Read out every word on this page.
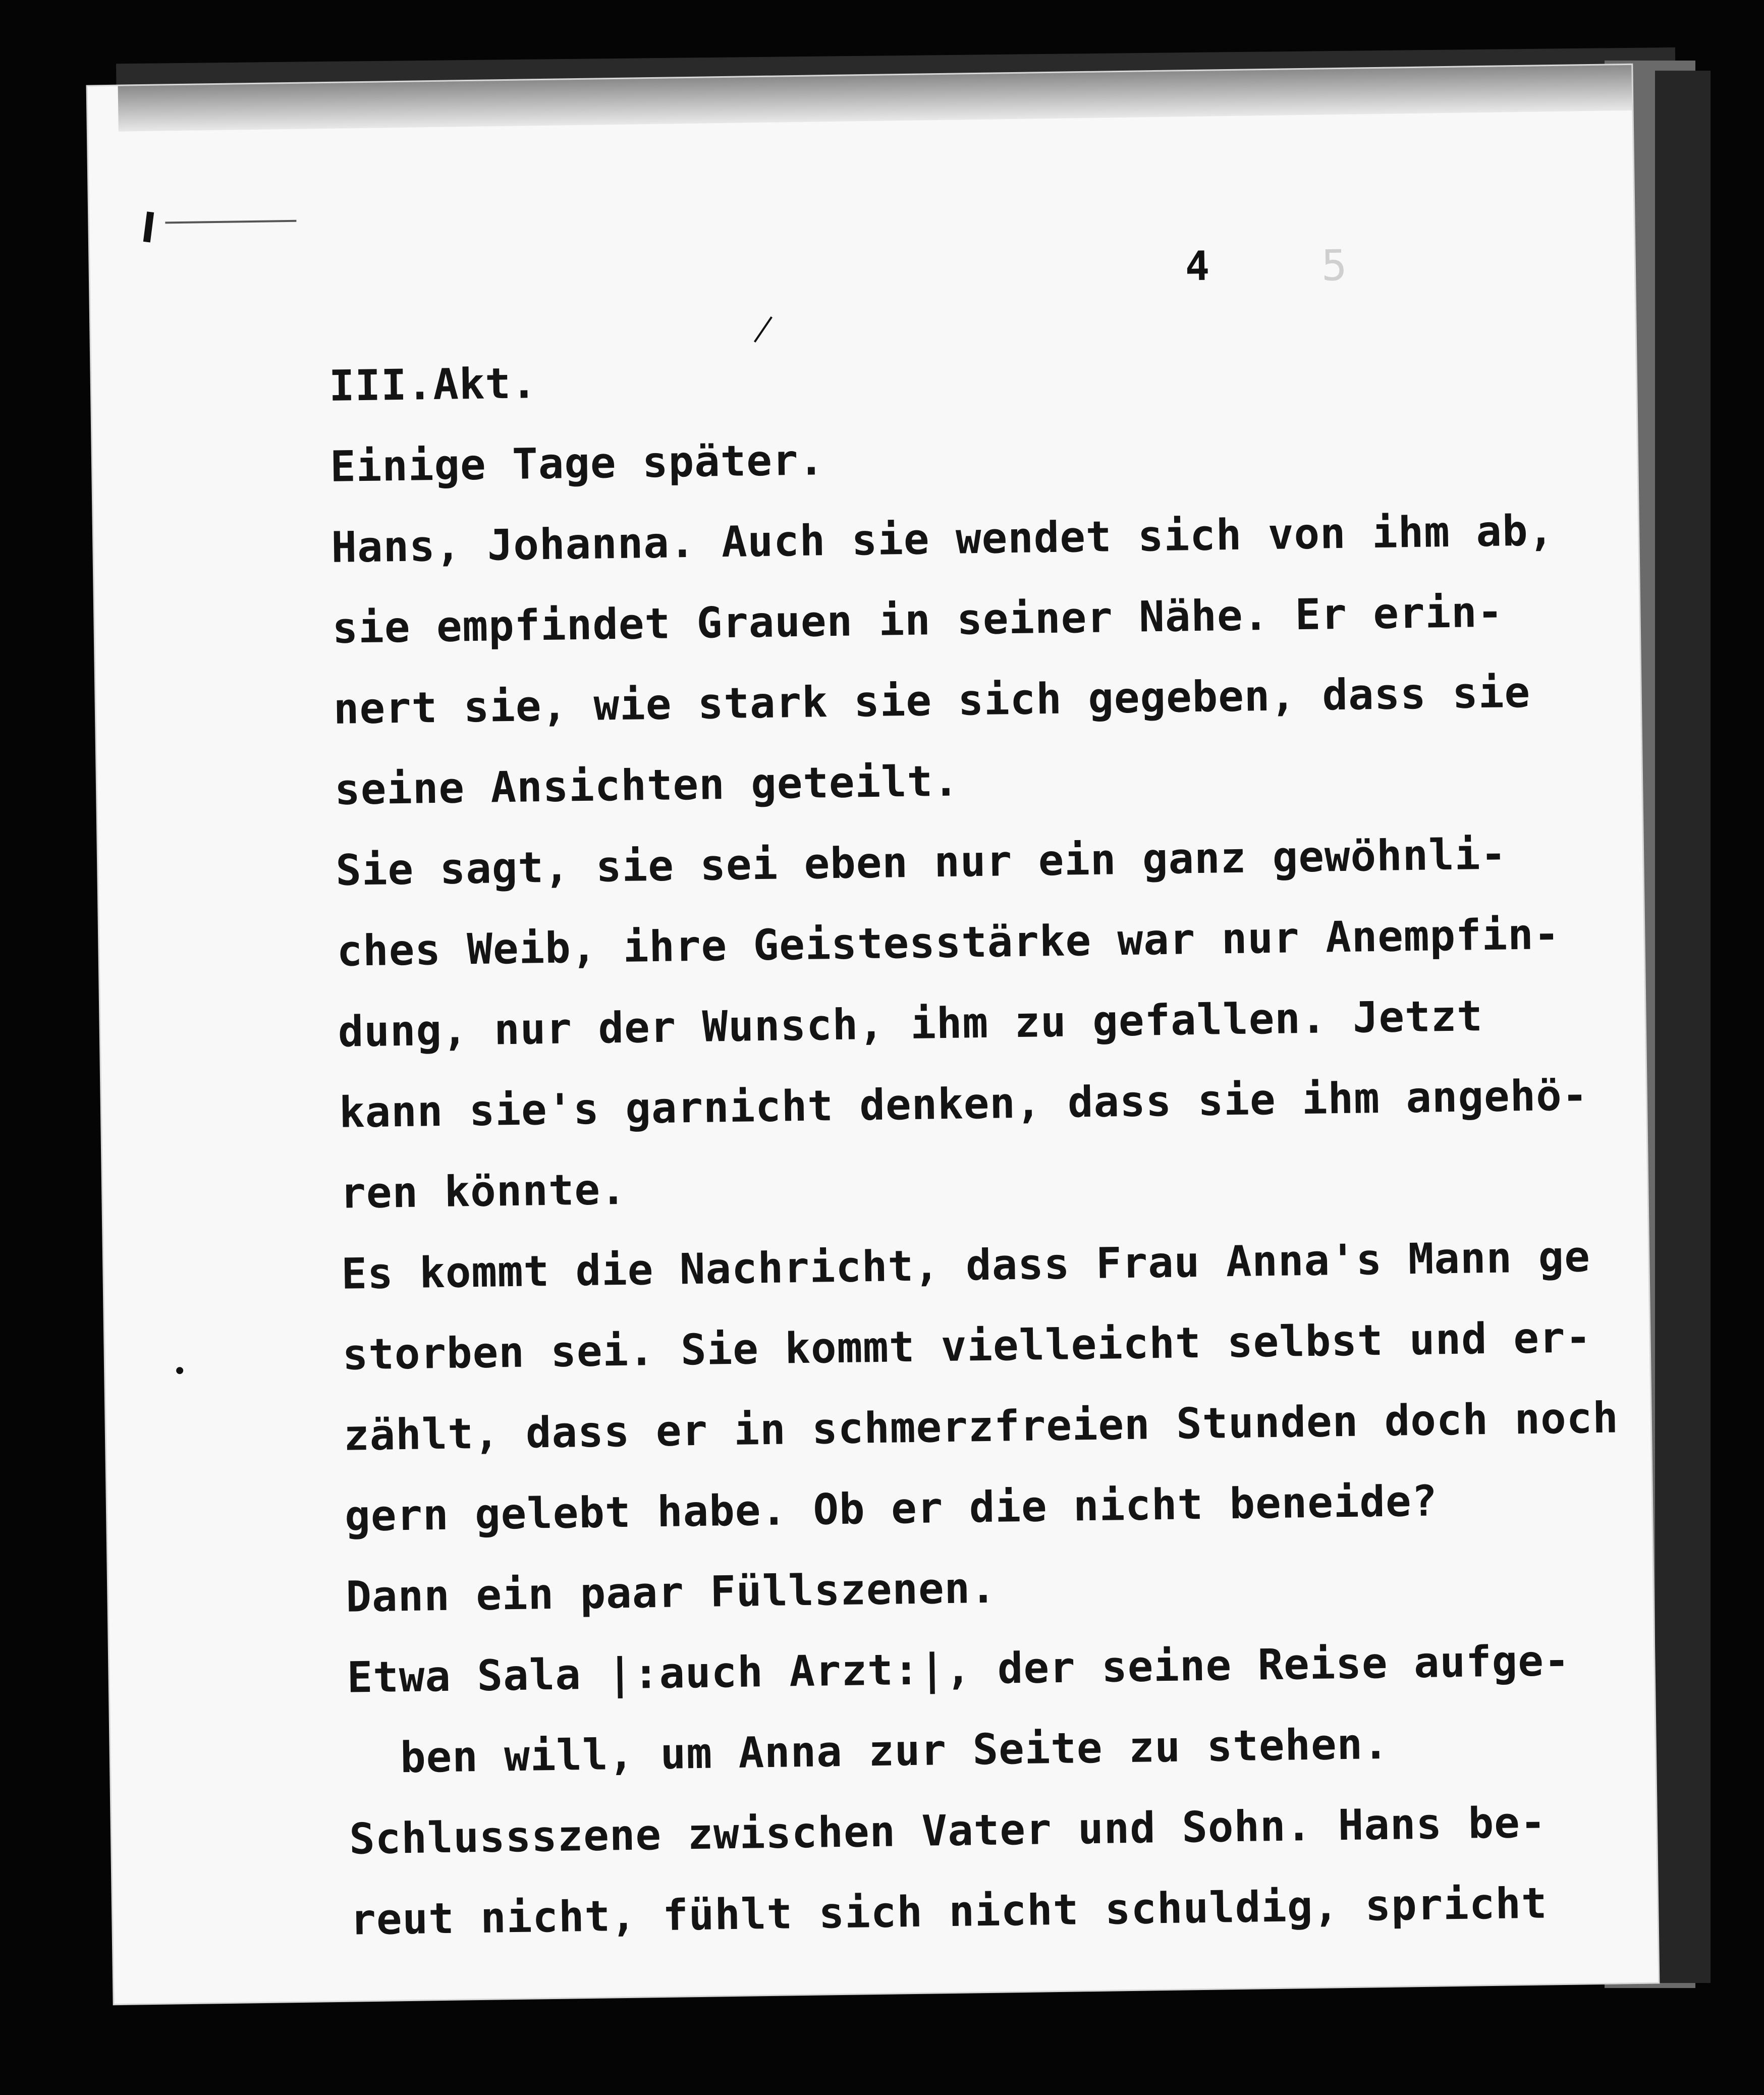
5
4
III.Akt.
Einige Tage später.
Hans, Johanna. Auch sie wendet sich von ihm ab,
sie empfindet Grauen in seiner Nähe. Er erin-
nert sie, wie stark sie sich gegeben, dass sie
seine Ansichten geteilt.
Sie sagt, sie sei eben nur ein ganz gewöhnli-
ches Weib, ihre Geistesstärke war nur Anempfin-
dung, nur der Wunsch, ihm zu gefallen. Jetzt
kann sie's garnicht denken, dass sie ihm angehö-
ren könnte.
Es kommt die Nachricht, dass Frau Anna's Mann ge
storben sei. Sie kommt vielleicht selbst und er-
zählt, dass er in schmerzfreien Stunden doch noch
gern gelebt habe. Ob er die nicht beneide?
Dann ein paar Füllszenen.
Etwa Sala |:auch Arzt:|, der seine Reise aufge-
ben will, um Anna zur Seite zu stehen.
Schlussszene zwischen Vater und Sohn. Hans be-
reut nicht, fühlt sich nicht schuldig, spricht
